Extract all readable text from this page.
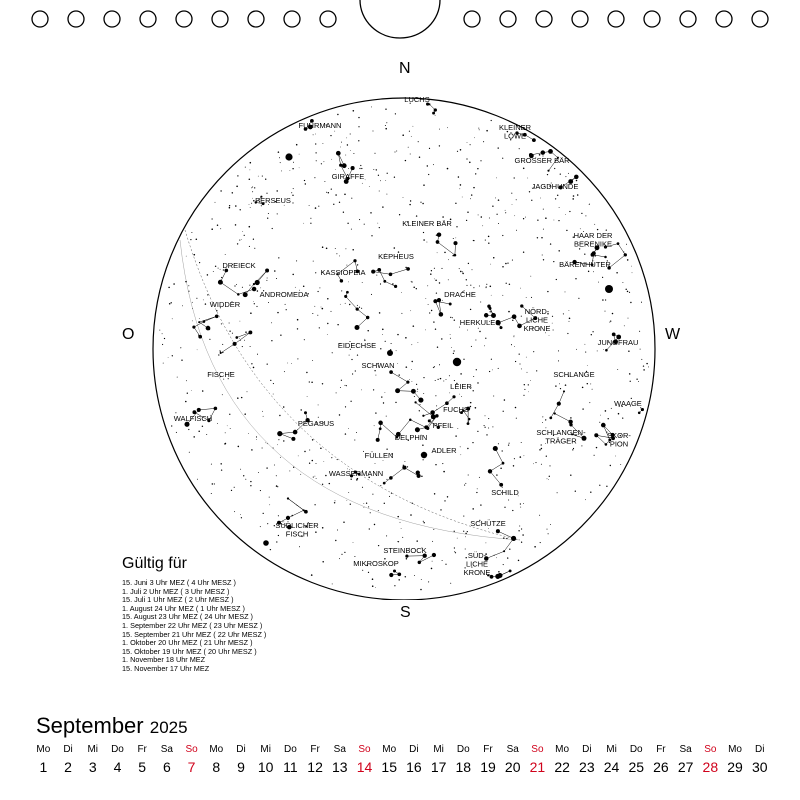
LUCHS
FUHRMANN	KLEINER LÖWE
GROSSER BÄR
GIRAFFE
JAGDHUNDE
PERSEUS
KLEINER BÄR
HAAR DER BERENIKE
KEPHEUS
DREIECK
KASSIOPEIA
BÄRENHÜTER
WIDDER
ANDROMEDA	DRACHE
NÖRD-LICHE KRONE
HERKULES
JUNGFRAU
EIDECHSE
SCHWAN
SCHLANGE
FISCHE
LEIER
FUCHS
WAAGE
WALFISCH
PEGASUS	PFEIL
DELPHIN
SCHLANGEN-TRÄGER
SKOR-PION
FÜLLEN
ADLER
WASSERMANN
SCHILD
SCHÜTZE
SÜDLICHER FISCH
STEINBOCK
MIKROSKOP
SÜD-LICHE KRONE
N
O	W
S
Gültig für
15. Juni 3 Uhr MEZ ( 4 Uhr MESZ )
1. Juli 2 Uhr MEZ ( 3 Uhr MESZ )
15. Juli 1 Uhr MEZ ( 2 Uhr MESZ )
1. August 24 Uhr MEZ ( 1 Uhr MESZ )
15. August 23 Uhr MEZ ( 24 Uhr MESZ )
1. September 22 Uhr MEZ ( 23 Uhr MESZ )
15. September 21 Uhr MEZ ( 22 Uhr MESZ )
1. Oktober 20 Uhr MEZ ( 21 Uhr MESZ )
15. Oktober 19 Uhr MEZ ( 20 Uhr MESZ )
1. November 18 Uhr MEZ
15. November 17 Uhr MEZ
September 2025
Mo
1
Di
2
Mi
3
Do
4
Fr
5
Sa
6
So
7
Mo
8
Di
9
Mi
10
Do
11
Fr
12
Sa
13
So
14
Mo
15
Di
16
Mi
17
Do
18
Fr
19
Sa
20
So
21
Mo
22
Di
23
Mi
24
Do
25
Fr
26
Sa
27
So
28
Mo
29
Di
30
